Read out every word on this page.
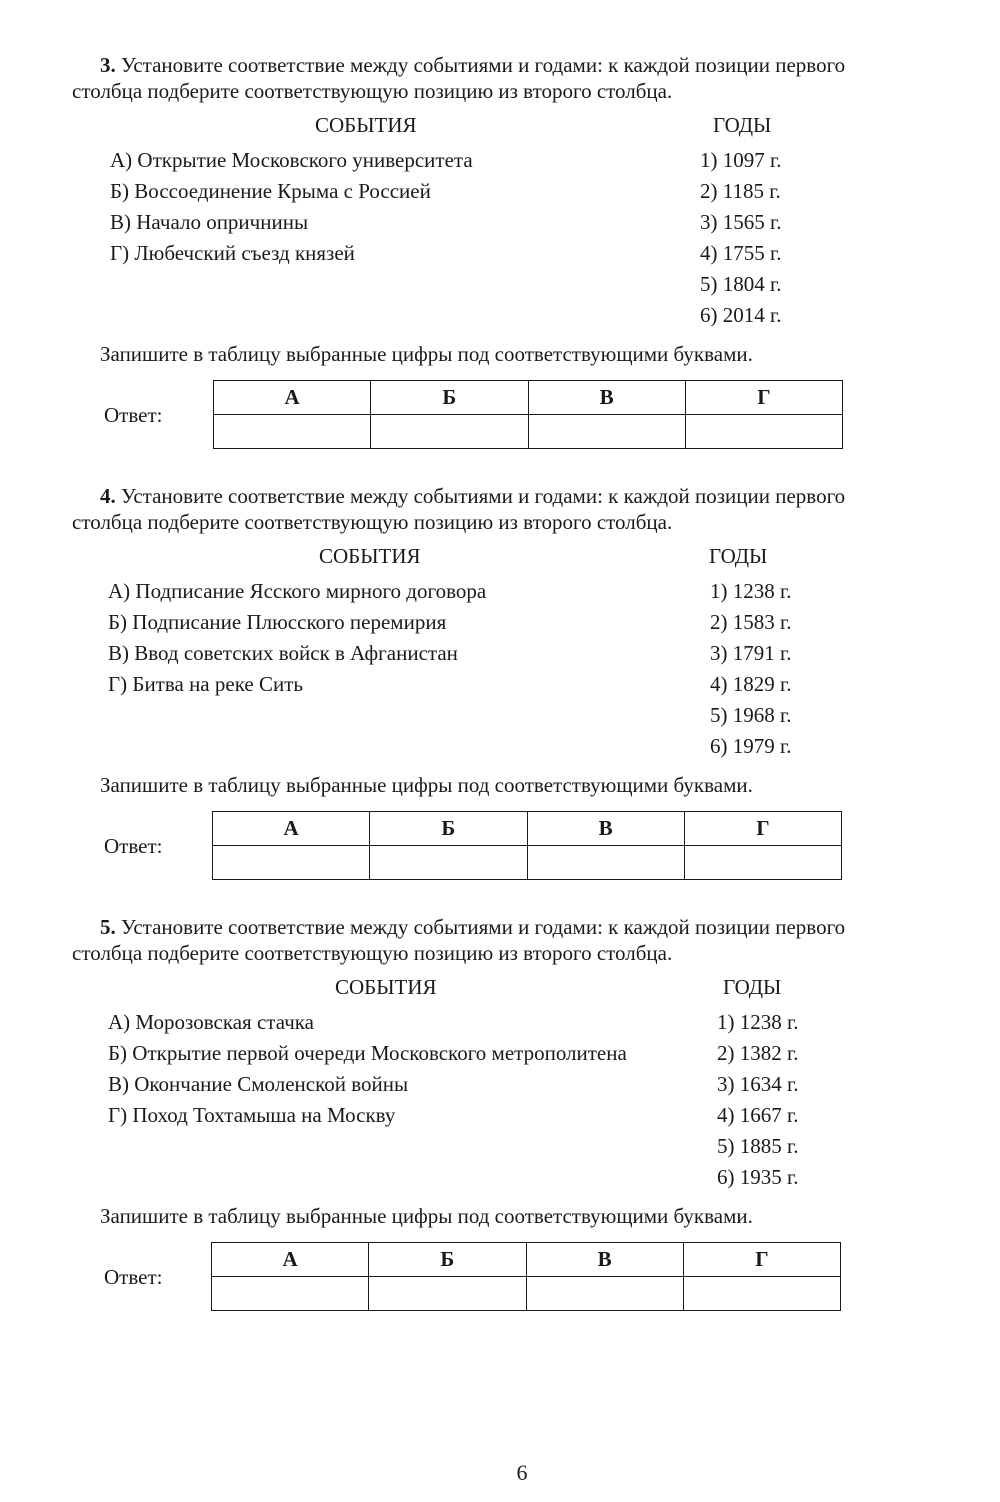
3. Установите соответствие между событиями и годами: к каждой позиции первого
столбца подберите соответствующую позицию из второго столбца.
СОБЫТИЯ	ГОДЫ
А) Открытие Московского университета
Б) Воссоединение Крыма с Россией
В) Начало опричнины
Г) Любечский съезд князей
1) 1097 г.
2) 1185 г.
3) 1565 г.
4) 1755 г.
5) 1804 г.
6) 2014 г.
Запишите в таблицу выбранные цифры под соответствующими буквами.
Ответ:
А	Б	В	Г

4. Установите соответствие между событиями и годами: к каждой позиции первого
столбца подберите соответствующую позицию из второго столбца.
СОБЫТИЯ	ГОДЫ
А) Подписание Ясского мирного договора
Б) Подписание Плюсского перемирия
В) Ввод советских войск в Афганистан
Г) Битва на реке Сить
1) 1238 г.
2) 1583 г.
3) 1791 г.
4) 1829 г.
5) 1968 г.
6) 1979 г.
Запишите в таблицу выбранные цифры под соответствующими буквами.
Ответ:
А	Б	В	Г

5. Установите соответствие между событиями и годами: к каждой позиции первого
столбца подберите соответствующую позицию из второго столбца.
СОБЫТИЯ	ГОДЫ
А) Морозовская стачка
Б) Открытие первой очереди Московского метрополитена
В) Окончание Смоленской войны
Г) Поход Тохтамыша на Москву
1) 1238 г.
2) 1382 г.
3) 1634 г.
4) 1667 г.
5) 1885 г.
6) 1935 г.
Запишите в таблицу выбранные цифры под соответствующими буквами.
Ответ:
А	Б	В	Г

6
